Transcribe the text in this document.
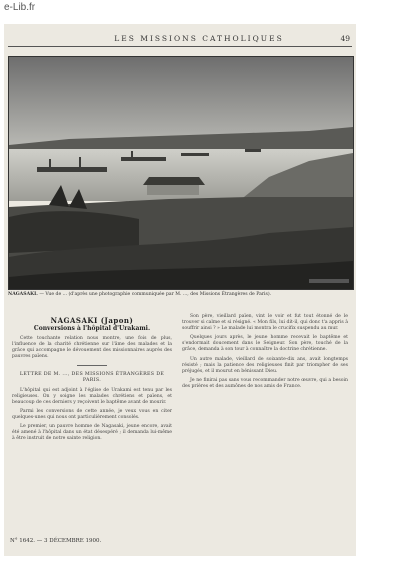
e-Lib.fr
LES MISSIONS CATHOLIQUES	49
NAGASAKI. — Vue de ... (d'après une photographie communiquée par M. ..., des Missions Étrangères de Paris).
NAGASAKI (Japon)
Conversions à l'hôpital d'Urakami.

Cette touchante relation nous montre, une fois de plus, l'influence de la charité chrétienne sur l'âme des malades et la grâce qui accompagne le dévouement des missionnaires auprès des pauvres païens.

LETTRE DE M. ..., DES MISSIONS ÉTRANGÈRES DE PARIS.

L'hôpital qui est adjoint à l'église de Urakami est tenu par les religieuses. On y soigne les malades chrétiens et païens, et beaucoup de ces derniers y reçoivent le baptême avant de mourir.

Parmi les conversions de cette année, je veux vous en citer quelques-unes qui nous ont particulièrement consolés.

Le premier, un pauvre homme de Nagasaki, jeune encore, avait été amené à l'hôpital dans un état désespéré ; il demanda lui-même à être instruit de notre sainte religion.

Son père, vieillard païen, vint le voir et fut tout étonné de le trouver si calme et si résigné. « Mon fils, lui dit-il, qui donc t'a appris à souffrir ainsi ? » Le malade lui montra le crucifix suspendu au mur.

Quelques jours après, le jeune homme recevait le baptême et s'endormait doucement dans le Seigneur. Son père, touché de la grâce, demanda à son tour à connaître la doctrine chrétienne.

Un autre malade, vieillard de soixante-dix ans, avait longtemps résisté ; mais la patience des religieuses finit par triompher de ses préjugés, et il mourut en bénissant Dieu.

Je ne finirai pas sans vous recommander notre œuvre, qui a besoin des prières et des aumônes de nos amis de France.

N° 1642. — 3 DÉCEMBRE 1900.
